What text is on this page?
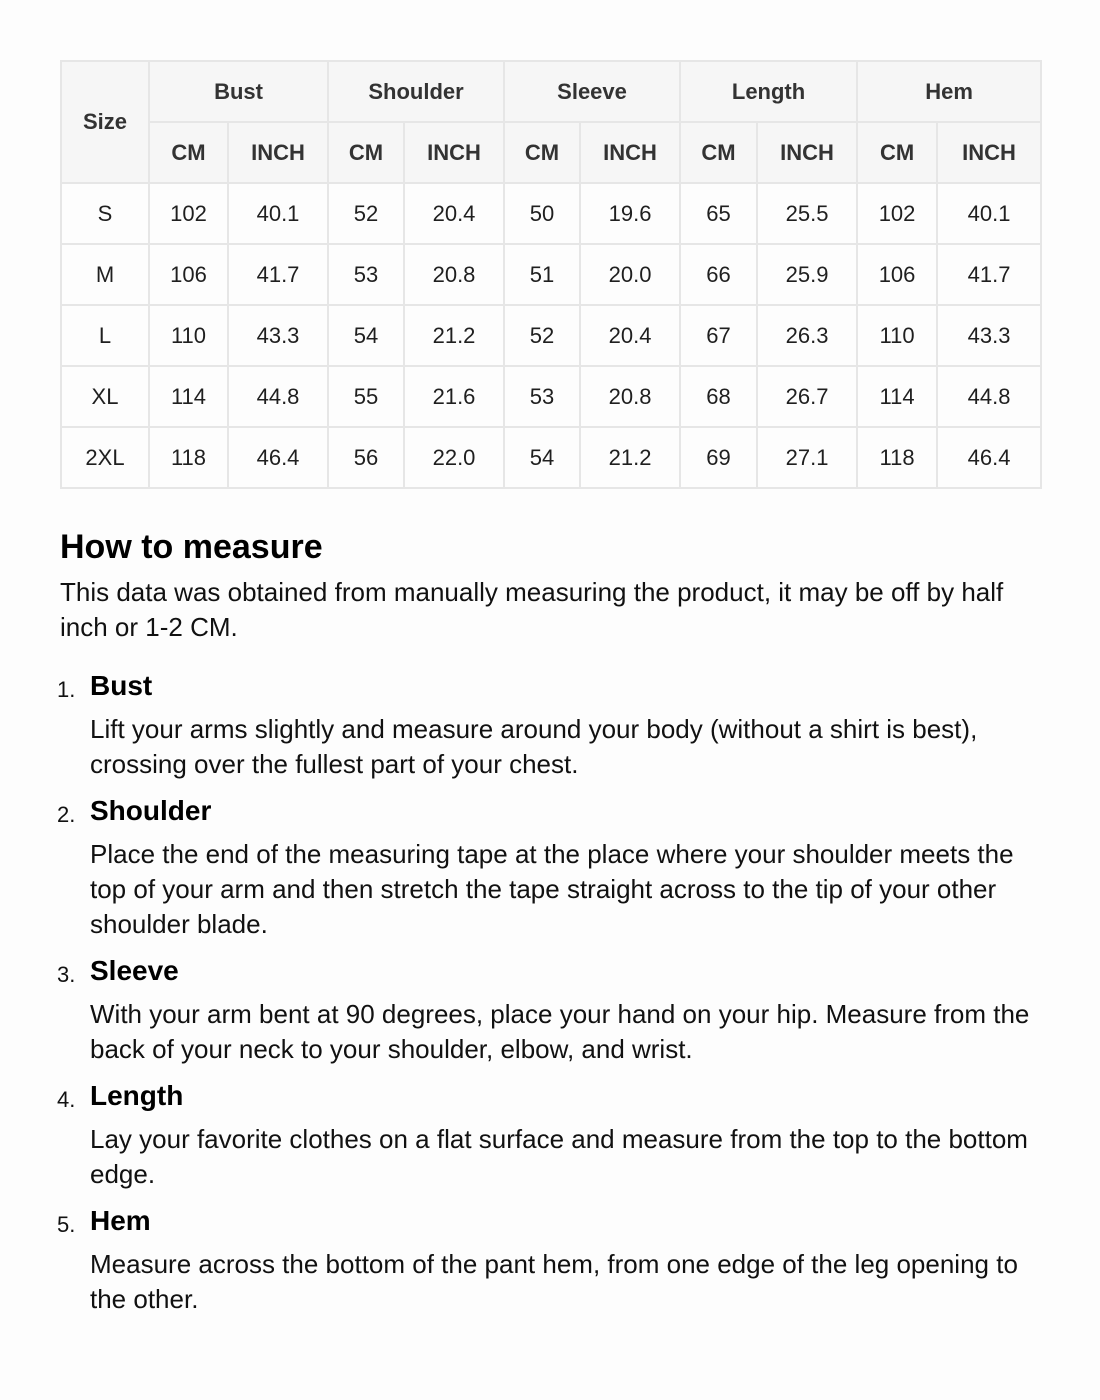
Size	Bust		Shoulder		Sleeve		Length		Hem	
	CM	INCH	CM	INCH	CM	INCH	CM	INCH	CM	INCH
S	102	40.1	52	20.4	50	19.6	65	25.5	102	40.1
M	106	41.7	53	20.8	51	20.0	66	25.9	106	41.7
L	110	43.3	54	21.2	52	20.4	67	26.3	110	43.3
XL	114	44.8	55	21.6	53	20.8	68	26.7	114	44.8
2XL	118	46.4	56	22.0	54	21.2	69	27.1	118	46.4
How to measure

This data was obtained from manually measuring the product, it may be off by half inch or 1-2 CM.

1. Bust

Lift your arms slightly and measure around your body (without a shirt is best), crossing over the fullest part of your chest.

2. Shoulder

Place the end of the measuring tape at the place where your shoulder meets the top of your arm and then stretch the tape straight across to the tip of your other shoulder blade.

3. Sleeve

With your arm bent at 90 degrees, place your hand on your hip. Measure from the back of your neck to your shoulder, elbow, and wrist.

4. Length

Lay your favorite clothes on a flat surface and measure from the top to the bottom edge.

5. Hem

Measure across the bottom of the pant hem, from one edge of the leg opening to the other.
